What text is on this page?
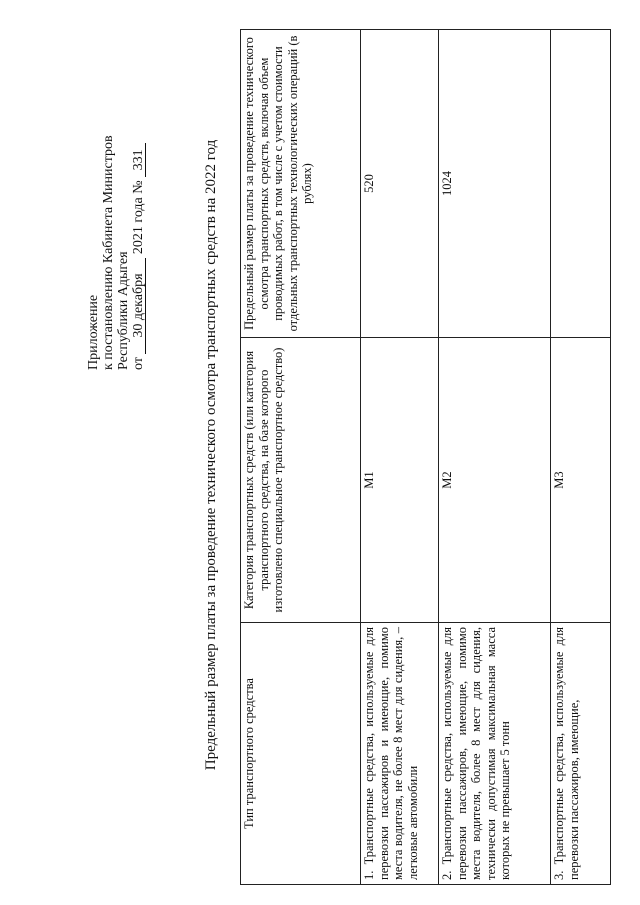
Приложение к постановлению Кабинета Министров Республики Адыгея от 30 декабря 2021 года № 331	Предельный размер платы за проведение технического осмотра транспортных средств на 2022 год Тип транспортного средства	Категория транспортных средств (или категория транспортного средства, на базе которого изготовлено специальное транспортное средство)	Предельный размер платы за проведение технического осмотра транспортных средств, включая объем проводимых работ, в том числе с учетом стоимости отдельных транспортных технологических операций (в рублях)
1. Транспортные средства, используемые для перевозки пассажиров и имеющие, помимо места водителя, не более 8 мест для сидения, – легковые автомобили	M1	520
2. Транспортные средства, используемые для перевозки пассажиров, имеющие, помимо места водителя, более 8 мест для сидения, технически допустимая максимальная масса которых не превышает 5 тонн	M2	1024
3. Транспортные средства, используемые для перевозки пассажиров, имеющие,	M3	
